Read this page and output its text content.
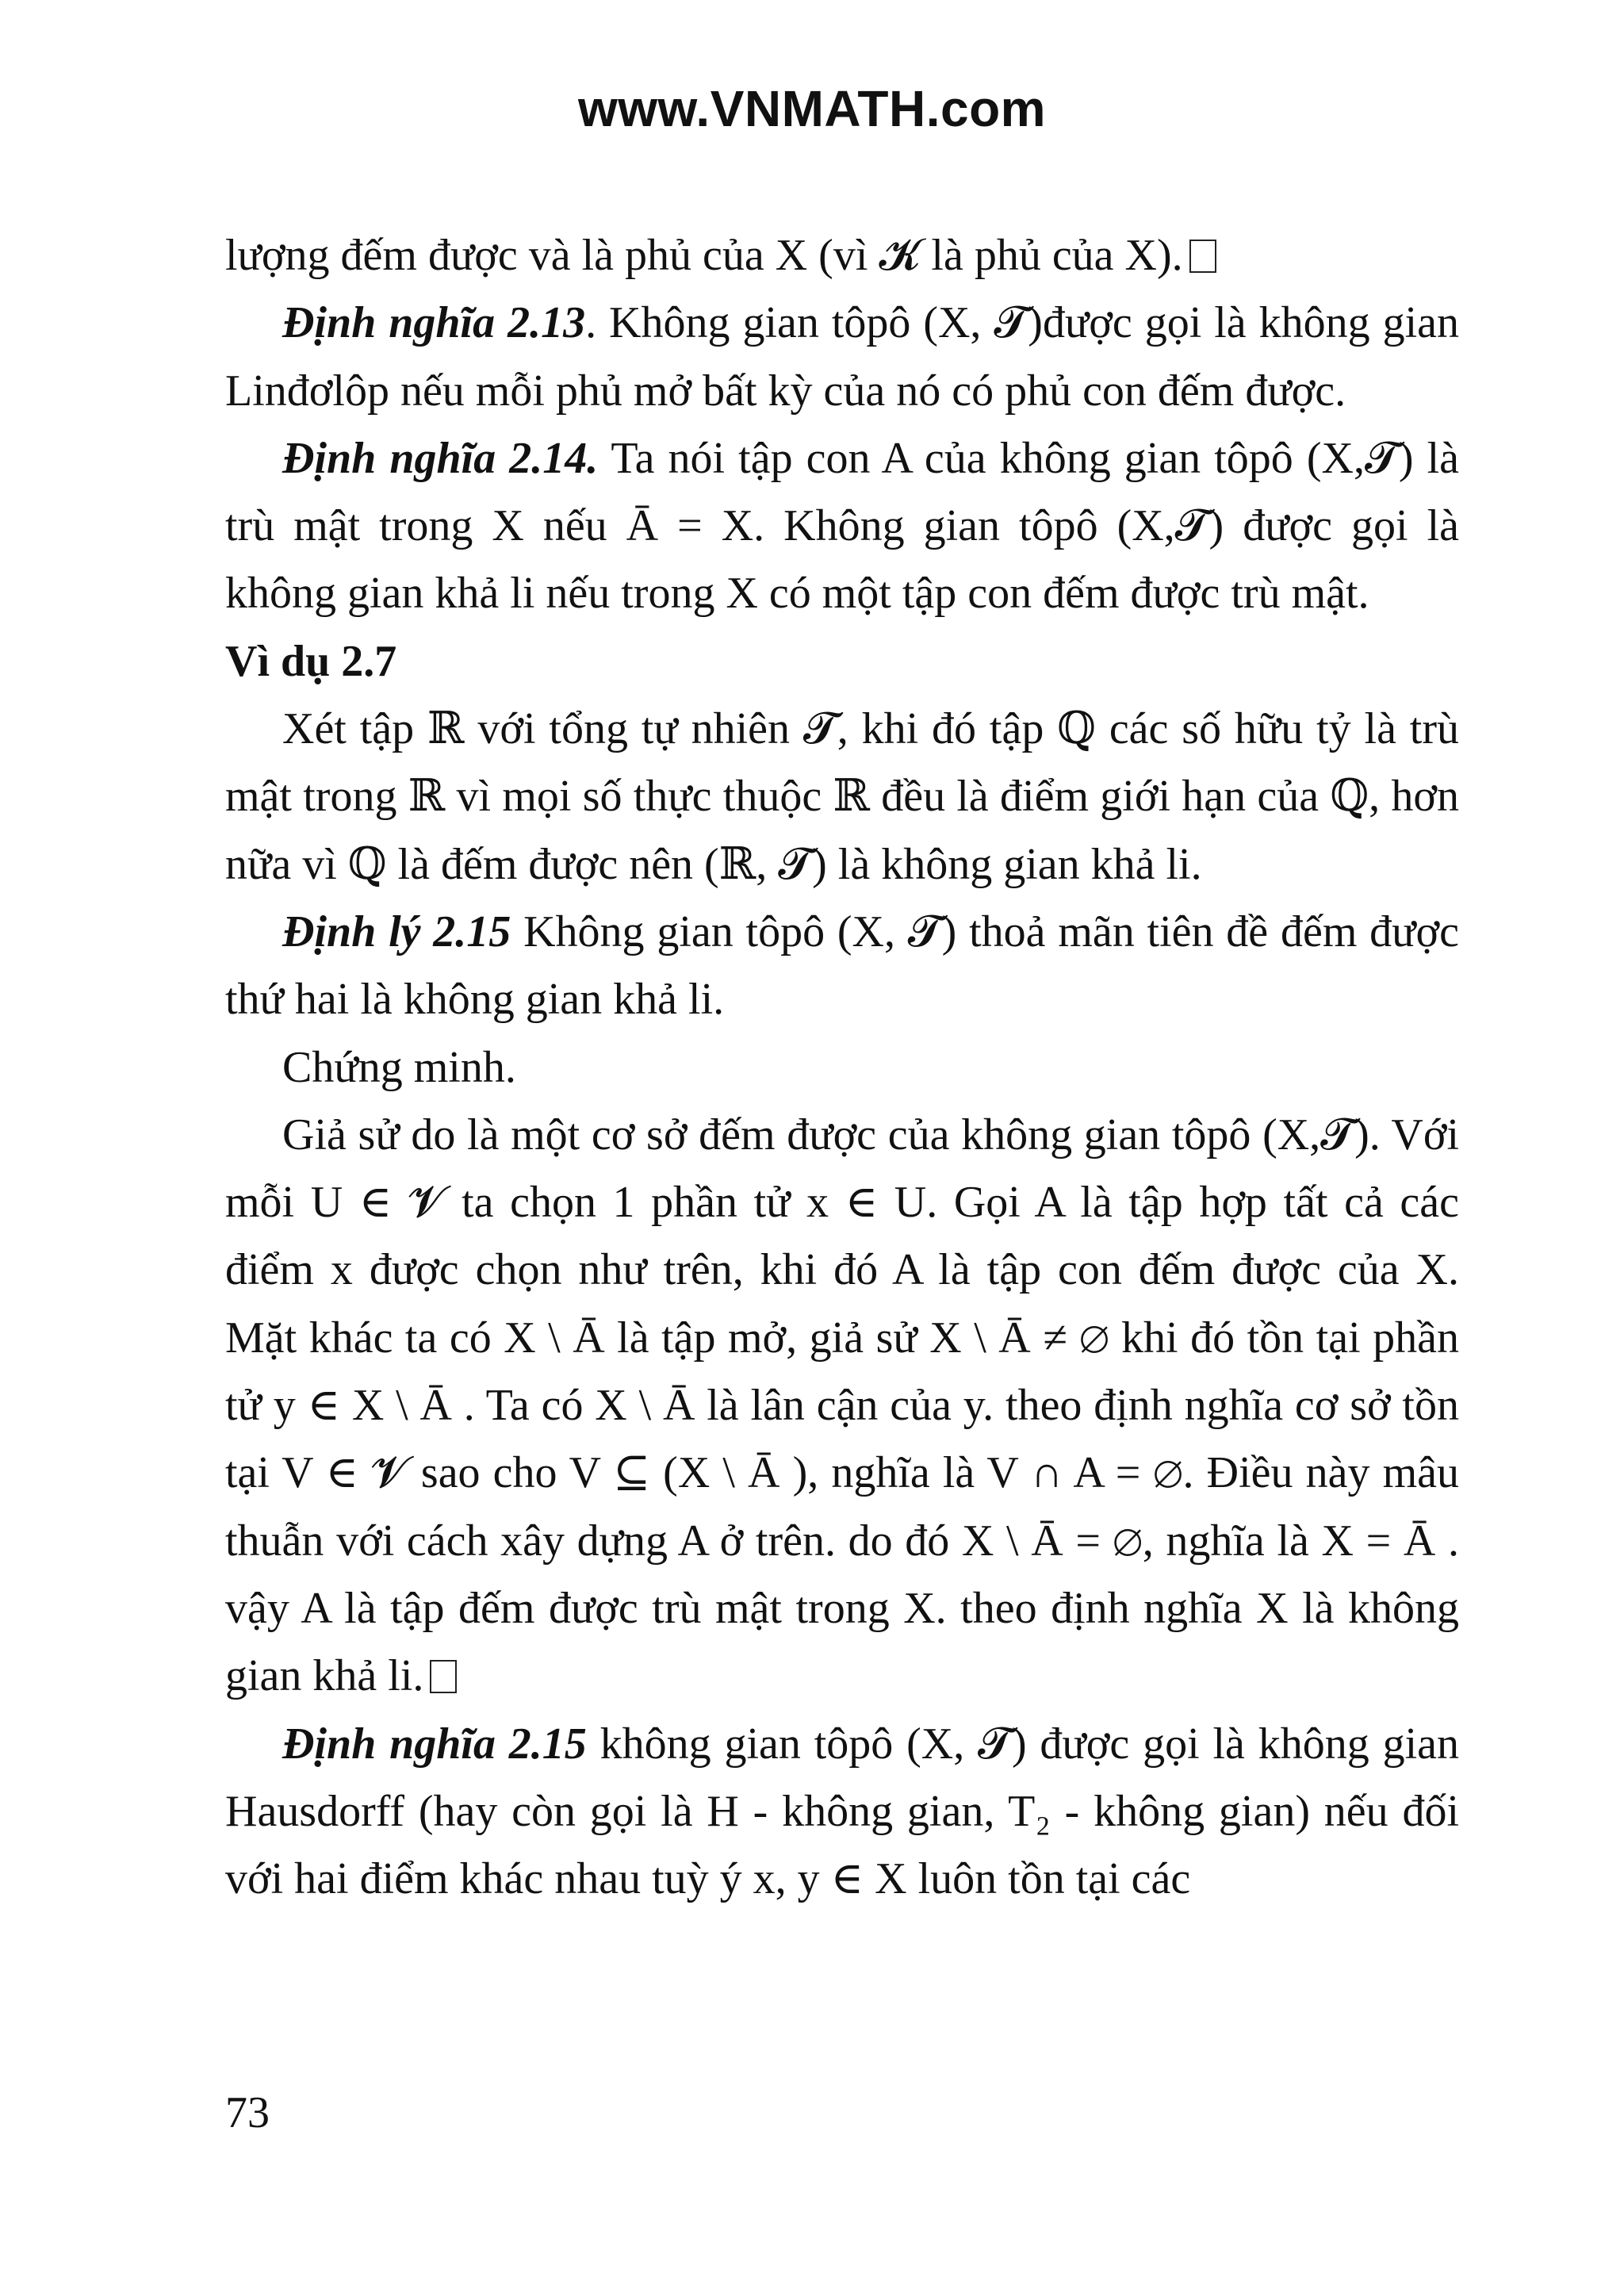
www.VNMATH.com

lượng đếm được và là phủ của X (vì 𝓚 là phủ của X).

Định nghĩa 2.13. Không gian tôpô (X, 𝓣)được gọi là không gian Linđơlôp nếu mỗi phủ mở bất kỳ của nó có phủ con đếm được.

Định nghĩa 2.14. Ta nói tập con A của không gian tôpô (X,𝓣) là trù mật trong X nếu Ā = X. Không gian tôpô (X,𝓣) được gọi là không gian khả li nếu trong X có một tập con đếm được trù mật.

Vì dụ 2.7

Xét tập ℝ với tổng tự nhiên 𝓣, khi đó tập ℚ các số hữu tỷ là trù mật trong ℝ vì mọi số thực thuộc ℝ đều là điểm giới hạn của ℚ, hơn nữa vì ℚ là đếm được nên (ℝ, 𝓣) là không gian khả li.

Định lý 2.15 Không gian tôpô (X, 𝓣) thoả mãn tiên đề đếm được thứ hai là không gian khả li.

Chứng minh.

Giả sử do là một cơ sở đếm được của không gian tôpô (X,𝓣). Với mỗi U ∈ 𝓥 ta chọn 1 phần tử x ∈ U. Gọi A là tập hợp tất cả các điểm x được chọn như trên, khi đó A là tập con đếm được của X. Mặt khác ta có X \ Ā là tập mở, giả sử X \ Ā ≠ ∅ khi đó tồn tại phần tử y ∈ X \ Ā . Ta có X \ Ā là lân cận của y. theo định nghĩa cơ sở tồn tại V ∈ 𝓥 sao cho V ⊆ (X \ Ā ), nghĩa là V ∩ A = ∅. Điều này mâu thuẫn với cách xây dựng A ở trên. do đó X \ Ā = ∅, nghĩa là X = Ā . vậy A là tập đếm được trù mật trong X. theo định nghĩa X là không gian khả li.

Định nghĩa 2.15 không gian tôpô (X, 𝓣) được gọi là không gian Hausdorff (hay còn gọi là H - không gian, T₂ - không gian) nếu đối với hai điểm khác nhau tuỳ ý x, y ∈ X luôn tồn tại các

73
